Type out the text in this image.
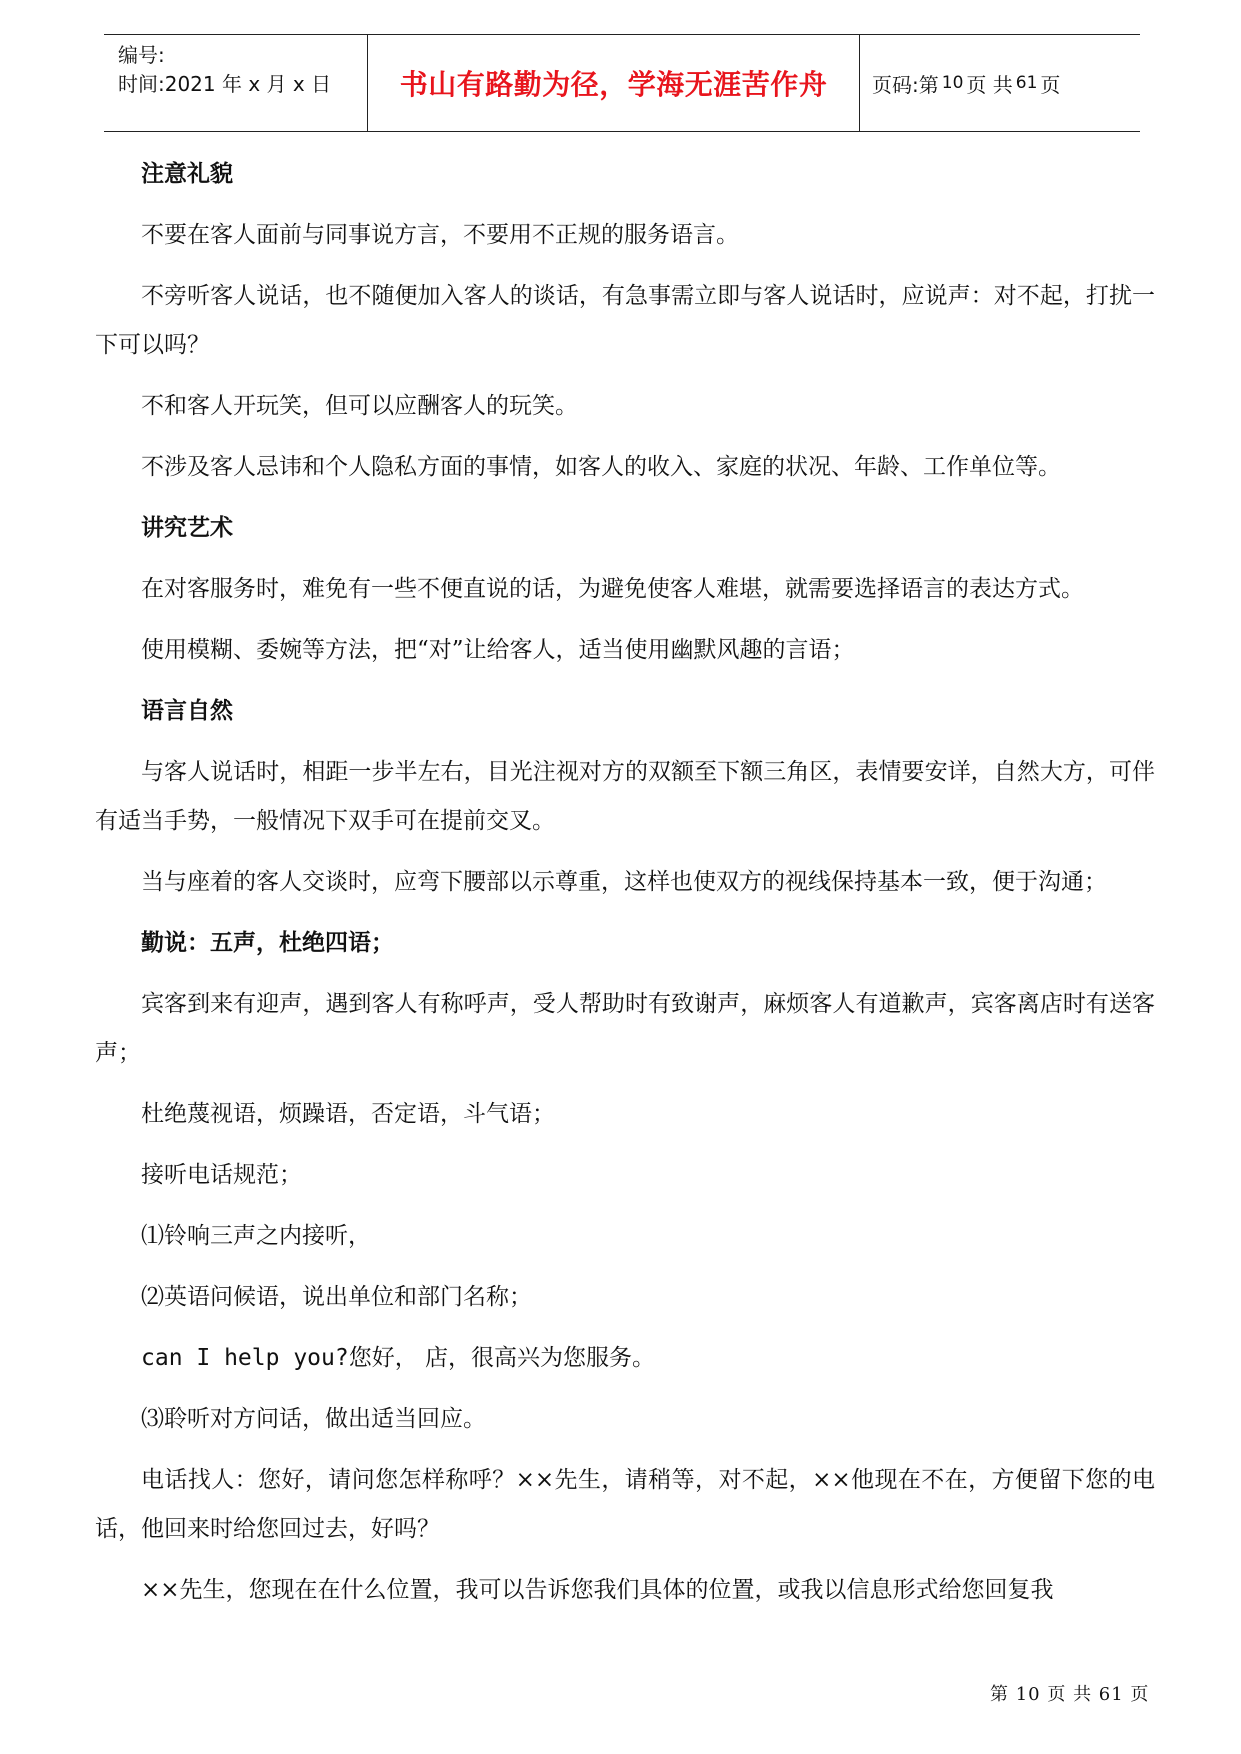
编号:
时间:2021 年 x 月 x 日	书山有路勤为径，学海无涯苦作舟	页码:第 10 页 共 61 页

注意礼貌

不要在客人面前与同事说方言，不要用不正规的服务语言。

不旁听客人说话，也不随便加入客人的谈话，有急事需立即与客人说话时，应说声：对不起，打扰一下可以吗？

不和客人开玩笑，但可以应酬客人的玩笑。

不涉及客人忌讳和个人隐私方面的事情，如客人的收入、家庭的状况、年龄、工作单位等。

讲究艺术

在对客服务时，难免有一些不便直说的话，为避免使客人难堪，就需要选择语言的表达方式。

使用模糊、委婉等方法，把“对”让给客人，适当使用幽默风趣的言语；

语言自然

与客人说话时，相距一步半左右，目光注视对方的双额至下额三角区，表情要安详，自然大方，可伴有适当手势，一般情况下双手可在提前交叉。

当与座着的客人交谈时，应弯下腰部以示尊重，这样也使双方的视线保持基本一致，便于沟通；

勤说：五声，杜绝四语；

宾客到来有迎声，遇到客人有称呼声，受人帮助时有致谢声，麻烦客人有道歉声，宾客离店时有送客声；

杜绝蔑视语，烦躁语，否定语，斗气语；

接听电话规范；

⑴铃响三声之内接听，

⑵英语问候语，说出单位和部门名称；

can I help you?您好， 店，很高兴为您服务。

⑶聆听对方问话，做出适当回应。

电话找人：您好，请问您怎样称呼？××先生，请稍等，对不起，××他现在不在，方便留下您的电话，他回来时给您回过去，好吗？

××先生，您现在在什么位置，我可以告诉您我们具体的位置，或我以信息形式给您回复我

第 10 页 共 61 页
